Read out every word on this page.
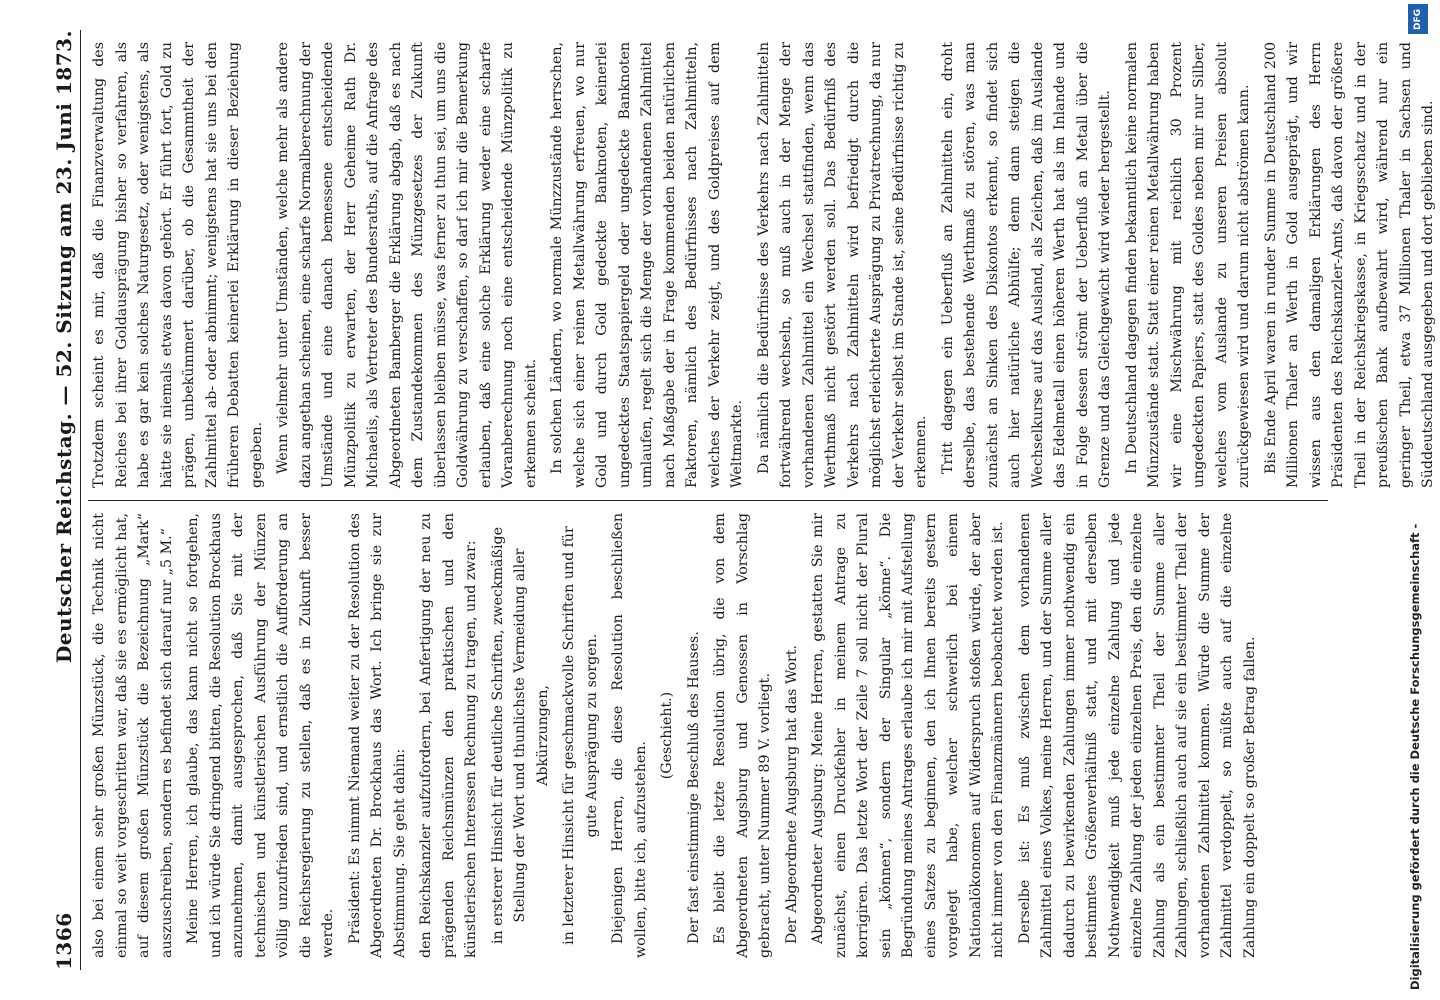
1366
Deutscher Reichstag. — 52. Sitzung am 23. Juni 1873.

also bei einem sehr großen Münzstück, die Technik nicht einmal so weit vorgeschritten war, daß sie es ermöglicht hat, auf diesem großen Münzstück die Bezeichnung „Mark“ auszuschreiben, sondern es befindet sich darauf nur „5 M.“ Meine Herren, ich glaube, das kann nicht so fortgehen, und ich würde Sie dringend bitten, die Resolution Brockhaus anzunehmen, damit ausgesprochen, daß Sie mit der technischen und künstlerischen Ausführung der Münzen völlig unzufrieden sind, und ernstlich die Aufforderung an die Reichsregierung zu stellen, daß es in Zukunft besser werde. Präsident: Es nimmt Niemand weiter zu der Resolution des Abgeordneten Dr. Brockhaus das Wort. Ich bringe sie zur Abstimmung. Sie geht dahin: den Reichskanzler aufzufordern, bei Anfertigung der neu zu prägenden Reichsmünzen den praktischen und den künstlerischen Interessen Rechnung zu tragen, und zwar: in ersterer Hinsicht für deutliche Schriften, zweckmäßige Stellung der Wort und thunlichste Vermeidung aller Abkürzungen, in letzterer Hinsicht für geschmackvolle Schriften und für gute Ausprägung zu sorgen. Diejenigen Herren, die diese Resolution beschließen wollen, bitte ich, aufzustehen.

(Geschieht.) Der fast einstimmige Beschluß des Hauses. Es bleibt die letzte Resolution übrig, die von dem Abgeordneten Augsburg und Genossen in Vorschlag gebracht, unter Nummer 89 V. vorliegt. Der Abgeordnete Augsburg hat das Wort. Abgeordneter Augsburg: Meine Herren, gestatten Sie mir zunächst, einen Druckfehler in meinem Antrage zu korrigiren. Das letzte Wort der Zeile 7 soll nicht der Plural sein „können“, sondern der Singular „könne“. Die Begründung meines Antrages erlaube ich mir mit Aufstellung eines Satzes zu beginnen, den ich Ihnen bereits gestern vorgelegt habe, welcher schwerlich bei einem Nationalökonomen auf Widerspruch stoßen würde, der aber nicht immer von den Finanzmännern beobachtet worden ist. Derselbe ist: Es muß zwischen dem vorhandenen Zahlmittel eines Volkes, meine Herren, und der Summe aller dadurch zu bewirkenden Zahlungen immer nothwendig ein bestimmtes Größenverhältniß statt, und mit derselben Nothwendigkeit muß jede einzelne Zahlung und jede einzelne Zahlung der jeden einzelnen Preis, den die einzelne Zahlung als ein bestimmter Theil der Summe aller Zahlungen, schließlich auch auf sie ein bestimmter Theil der vorhandenen Zahlmittel kommen. Würde die Summe der Zahlmittel verdoppelt, so müßte auch auf die einzelne Zahlung ein doppelt so großer Betrag fallen.

Trotzdem scheint es mir, daß die Finanzverwaltung des Reiches bei ihrer Goldausprägung bisher so verfahren, als habe es gar kein solches Naturgesetz, oder wenigstens, als hätte sie niemals etwas davon gehört. Er führt fort, Gold zu prägen, unbekümmert darüber, ob die Gesammtheit der Zahlmittel ab- oder abnimmt; wenigstens hat sie uns bei den früheren Debatten keinerlei Erklärung in dieser Beziehung gegeben. Wenn vielmehr unter Umständen, welche mehr als andere dazu angethan scheinen, eine scharfe Normalberechnung der Umstände und eine danach bemessene entscheidende Münzpolitik zu erwarten, der Herr Geheime Rath Dr. Michaelis, als Vertreter des Bundesraths, auf die Anfrage des Abgeordneten Bamberger die Erklärung abgab, daß es nach dem Zustandekommen des Münzgesetzes der Zukunft überlassen bleiben müsse, was ferner zu thun sei, um uns die Goldwährung zu verschaffen, so darf ich mir die Bemerkung erlauben, daß eine solche Erklärung weder eine scharfe Voranberechnung noch eine entscheidende Münzpolitik zu erkennen scheint. In solchen Ländern, wo normale Münzzustände herrschen, welche sich einer reinen Metallwährung erfreuen, wo nur Gold und durch Gold gedeckte Banknoten, keinerlei ungedecktes Staatspapiergeld oder ungedeckte Banknoten umlaufen, regelt sich die Menge der vorhandenen Zahlmittel nach Maßgabe der in Frage kommenden beiden natürlichen Faktoren, nämlich des Bedürfnisses nach Zahlmitteln, welches der Verkehr zeigt, und des Goldpreises auf dem Weltmarkte. Da nämlich die Bedürfnisse des Verkehrs nach Zahlmitteln fortwährend wechseln, so muß auch in der Menge der vorhandenen Zahlmittel ein Wechsel stattfinden, wenn das Werthmaß nicht gestört werden soll. Das Bedürfniß des Verkehrs nach Zahlmitteln wird befriedigt durch die möglichst erleichterte Ausprägung zu Privatrechnung, da nur der Verkehr selbst im Stande ist, seine Bedürfnisse richtig zu erkennen. Tritt dagegen ein Ueberfluß an Zahlmitteln ein, droht derselbe, das bestehende Werthmaß zu stören, was man zunächst an Sinken des Diskontos erkennt, so findet sich auch hier natürliche Abhülfe; denn dann steigen die Wechselkurse auf das Ausland, als Zeichen, daß im Auslande das Edelmetall einen höheren Werth hat als im Inlande und in Folge dessen strömt der Ueberfluß an Metall über die Grenze und das Gleichgewicht wird wieder hergestellt. In Deutschland dagegen finden bekanntlich keine normalen Münzzustände statt. Statt einer reinen Metallwährung haben wir eine Mischwährung mit reichlich 30 Prozent ungedeckten Papiers, statt des Goldes neben mir nur Silber, welches vom Auslande zu unseren Preisen absolut zurückgewiesen wird und darum nicht abströmen kann. Bis Ende April waren in runder Summe in Deutschland 200 Millionen Thaler an Werth in Gold ausgeprägt, und wir wissen aus den damaligen Erklärungen des Herrn Präsidenten des Reichskanzler-Amts, daß davon der größere Theil in der Reichskriegskasse, in Kriegsschatz und in der preußischen Bank aufbewahrt wird, während nur ein geringer Theil, etwa 37 Millionen Thaler in Sachsen und Süddeutschland ausgegeben und dort geblieben sind.

DFG
Digitalisierung gefördert durch die Deutsche Forschungsgemeinschaft -
